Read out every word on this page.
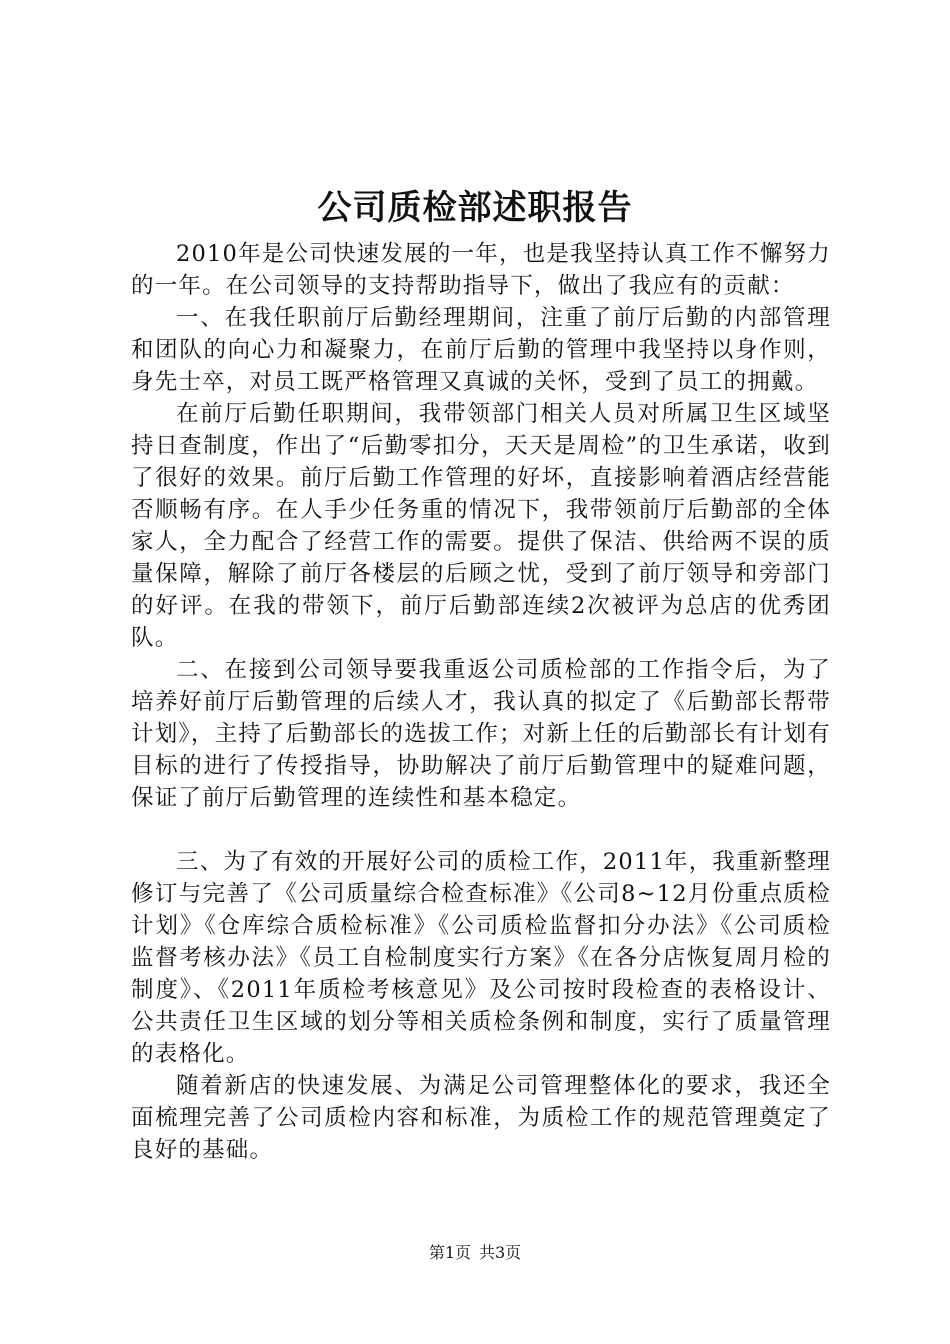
公司质检部述职报告

2010年是公司快速发展的一年，也是我坚持认真工作不懈努力的一年。在公司领导的支持帮助指导下，做出了我应有的贡献：

一、在我任职前厅后勤经理期间，注重了前厅后勤的内部管理和团队的向心力和凝聚力，在前厅后勤的管理中我坚持以身作则，身先士卒，对员工既严格管理又真诚的关怀，受到了员工的拥戴。

在前厅后勤任职期间，我带领部门相关人员对所属卫生区域坚持日查制度，作出了“后勤零扣分，天天是周检”的卫生承诺，收到了很好的效果。前厅后勤工作管理的好坏，直接影响着酒店经营能否顺畅有序。在人手少任务重的情况下，我带领前厅后勤部的全体家人，全力配合了经营工作的需要。提供了保洁、供给两不误的质量保障，解除了前厅各楼层的后顾之忧，受到了前厅领导和旁部门的好评。在我的带领下，前厅后勤部连续2次被评为总店的优秀团队。

二、在接到公司领导要我重返公司质检部的工作指令后，为了培养好前厅后勤管理的后续人才，我认真的拟定了《后勤部长帮带计划》，主持了后勤部长的选拔工作；对新上任的后勤部长有计划有目标的进行了传授指导，协助解决了前厅后勤管理中的疑难问题，保证了前厅后勤管理的连续性和基本稳定。

三、为了有效的开展好公司的质检工作，2011年，我重新整理修订与完善了《公司质量综合检查标准》《公司8~12月份重点质检计划》《仓库综合质检标准》《公司质检监督扣分办法》《公司质检监督考核办法》《员工自检制度实行方案》《在各分店恢复周月检的制度》、《2011年质检考核意见》及公司按时段检查的表格设计、公共责任卫生区域的划分等相关质检条例和制度，实行了质量管理的表格化。

随着新店的快速发展、为满足公司管理整体化的要求，我还全面梳理完善了公司质检内容和标准，为质检工作的规范管理奠定了良好的基础。

第1页 共3页
